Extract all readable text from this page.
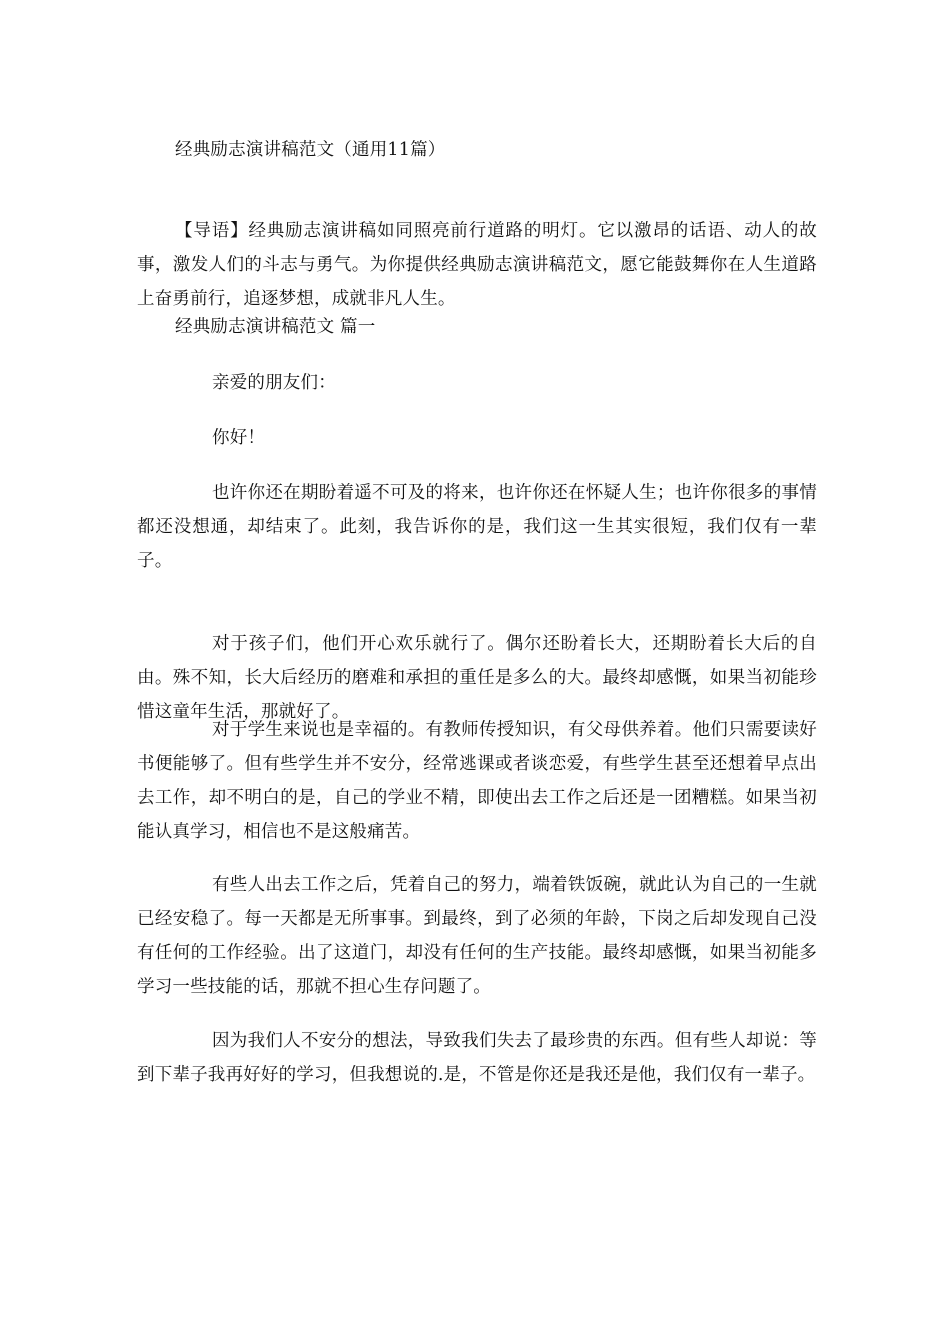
经典励志演讲稿范文（通用11篇）

【导语】经典励志演讲稿如同照亮前行道路的明灯。它以激昂的话语、动人的故事，激发人们的斗志与勇气。为你提供经典励志演讲稿范文，愿它能鼓舞你在人生道路上奋勇前行，追逐梦想，成就非凡人生。

经典励志演讲稿范文 篇一

亲爱的朋友们：

你好！

也许你还在期盼着遥不可及的将来，也许你还在怀疑人生；也许你很多的事情都还没想通，却结束了。此刻，我告诉你的是，我们这一生其实很短，我们仅有一辈子。

对于孩子们，他们开心欢乐就行了。偶尔还盼着长大，还期盼着长大后的自由。殊不知，长大后经历的磨难和承担的重任是多么的大。最终却感慨，如果当初能珍惜这童年生活，那就好了。

对于学生来说也是幸福的。有教师传授知识，有父母供养着。他们只需要读好书便能够了。但有些学生并不安分，经常逃课或者谈恋爱，有些学生甚至还想着早点出去工作，却不明白的是，自己的学业不精，即使出去工作之后还是一团糟糕。如果当初能认真学习，相信也不是这般痛苦。

有些人出去工作之后，凭着自己的努力，端着铁饭碗，就此认为自己的一生就已经安稳了。每一天都是无所事事。到最终，到了必须的年龄，下岗之后却发现自己没有任何的工作经验。出了这道门，却没有任何的生产技能。最终却感慨，如果当初能多学习一些技能的话，那就不担心生存问题了。

因为我们人不安分的想法，导致我们失去了最珍贵的东西。但有些人却说：等到下辈子我再好好的学习，但我想说的.是，不管是你还是我还是他，我们仅有一辈子。
